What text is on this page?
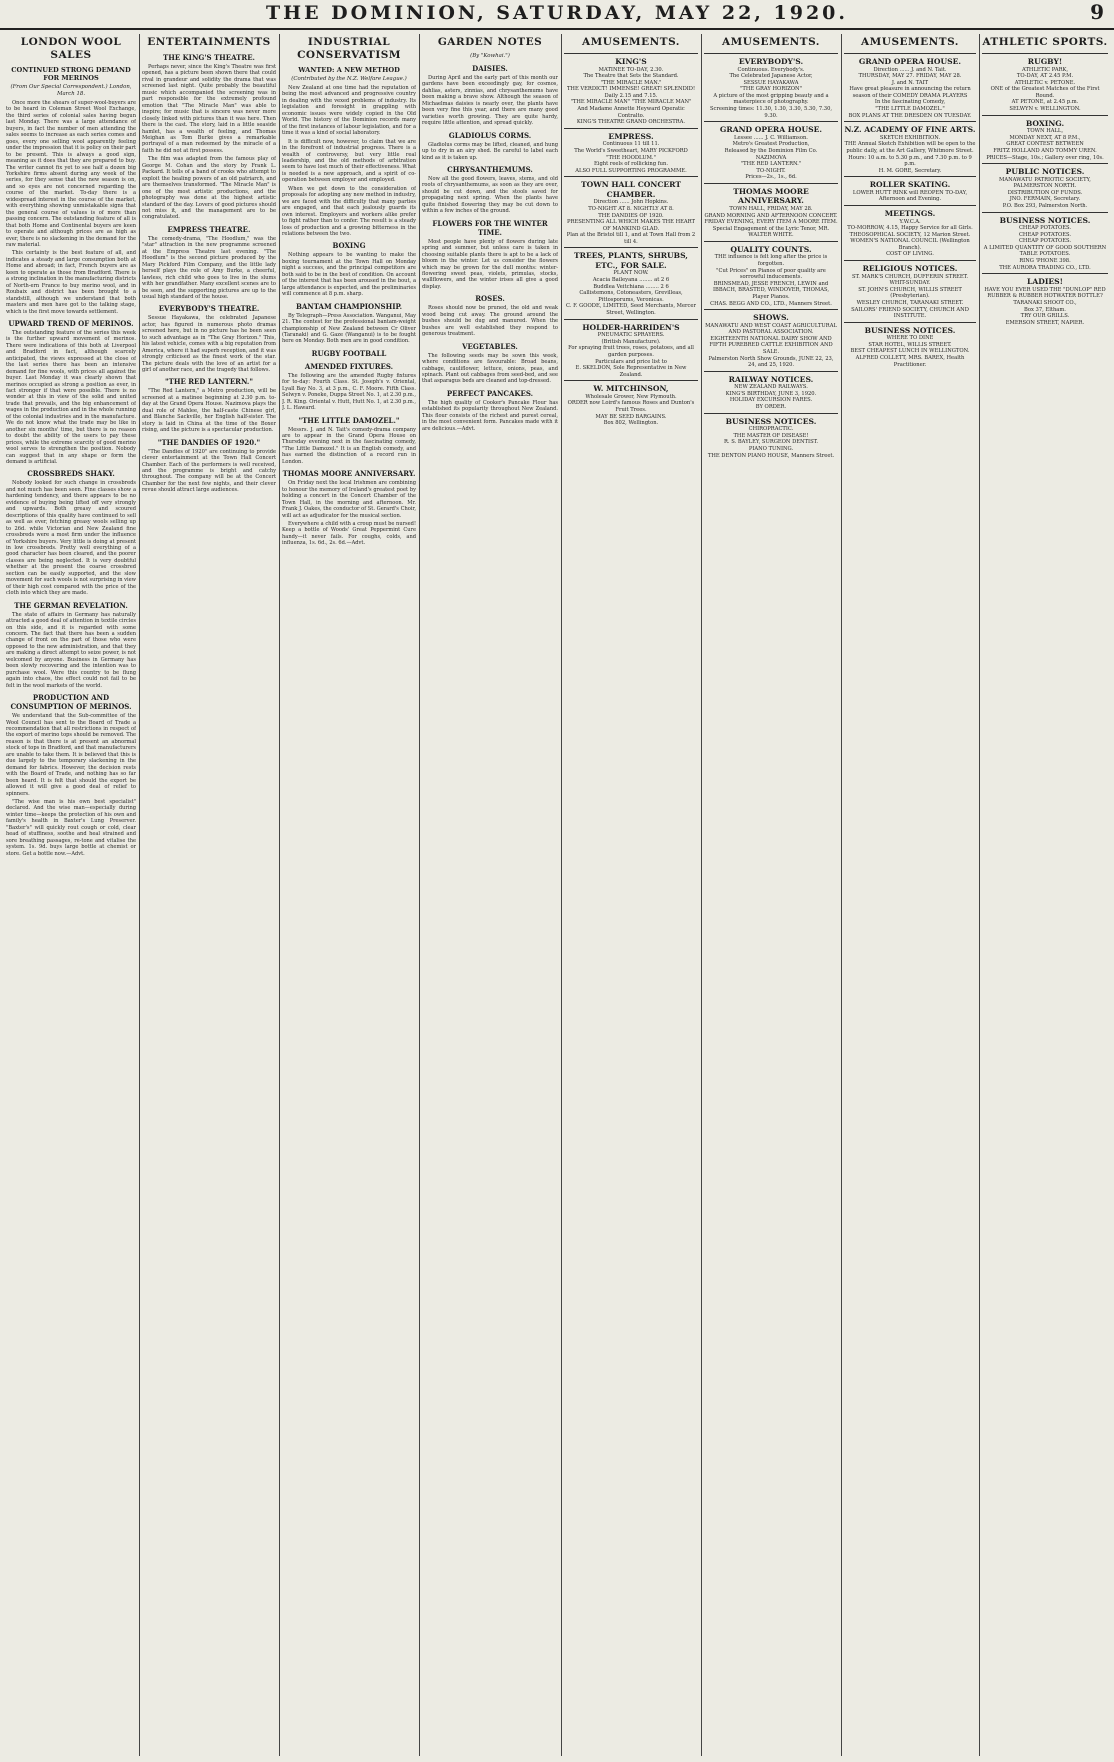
THE DOMINION, SATURDAY, MAY 22, 1920.	9
LONDON WOOL SALES
CONTINUED STRONG DEMAND FOR MERINOS
(From Our Special Correspondent.) London, March 18.

Once more the shears of super-wool-buyers are to be heard in Coleman Street Wool Exchange, the third series of colonial sales having begun last Monday. There was a large attendance of buyers, in fact the number of men attending the sales seems to increase as each series comes and goes, every one selling wool apparently feeling under the impression that it is policy on their part to be present. This is always a good sign, meaning as it does that they are prepared to buy. The writer cannot fix yet to see half a dozen big Yorkshire firms absent during any week of the series, for they sense that the new season is on, and so eyes are not concerned regarding the course of the market. To-day there is a widespread interest in the course of the market, with everything showing unmistakable signs that the general course of values is of more than passing concern. The outstanding feature of all is that both Home and Continental buyers are keen to operate and although prices are as high as ever, there is no slackening in the demand for the raw material.

This certainty is the best feature of all, and indicates a steady and large consumption both at Home and abroad; in fact, French buyers are as keen to operate as those from Bradford. There is a strong inclination in the manufacturing districts of North-ern France to buy merino wool, and in Roubaix and district has been brought to a standstill, although we understand that both masters and men have got to the talking stage, which is the first move towards settlement.

UPWARD TREND OF MERINOS.

The outstanding feature of the series this week is the further upward movement of merinos. There were indications of this both at Liverpool and Bradford in fact, although scarcely anticipated, the views expressed at the close of the last series there has been an intensive demand for fine wools, with prices all against the buyer. Last Monday it was clearly shown that merinos occupied as strong a position as ever, in fact stronger if that were possible. There is no wonder at this in view of the solid and united trade that prevails, and the big enhancement of wages in the production and in the whole running of the colonial industries and in the manufacture. We do not know what the trade may be like in another six months' time, but there is no reason to doubt the ability of the users to pay these prices, while the extreme scarcity of good merino wool serves to strengthen the position. Nobody can suggest that in any shape or form the demand is artificial.

CROSSBREDS SHAKY.

Nobody looked for such change in crossbreds and not much has been seen. Fine classes show a hardening tendency, and there appears to be no evidence of buying being lifted off very strongly and upwards. Both greasy and scoured descriptions of this quality have continued to sell as well as ever, fetching greasy wools selling up to 26d. while Victorian and New Zealand fine crossbreds were a most firm under the influence of Yorkshire buyers. Very little is doing at present in low crossbreds. Pretty well everything of a good character has been cleared, and the poorer classes are being neglected. It is very doubtful whether at the present the coarse crossbred section can be easily supported, and the slow movement for such wools is not surprising in view of their high cost compared with the price of the cloth into which they are made.

THE GERMAN REVELATION.

The state of affairs in Germany has naturally attracted a good deal of attention in textile circles on this side, and it is regarded with some concern. The fact that there has been a sudden change of front on the part of those who were opposed to the new administration, and that they are making a direct attempt to seize power, is not welcomed by anyone. Business in Germany has been slowly recovering and the intention was to purchase wool. Were this country to be flung again into chaos, the effect could not fail to be felt in the wool markets of the world.

PRODUCTION AND CONSUMPTION OF MERINOS.

We understand that the Sub-committee of the Wool Council has sent to the Board of Trade a recommendation that all restrictions in respect of the export of merino tops should be removed. The reason is that there is at present an abnormal stock of tops in Bradford, and that manufacturers are unable to take them. It is believed that this is due largely to the temporary slackening in the demand for fabrics. However, the decision rests with the Board of Trade, and nothing has so far been heard. It is felt that should the export be allowed it will give a good deal of relief to spinners.

"The wise man is his own best specialist" declared. And the wise man—especially during winter time—keeps the protection of his own and family's health in Baxter's Lung Preserver. "Baxter's" will quickly rout cough or cold, clear head of stuffiness, soothe and heal strained and sore breathing passages, re-tone and vitalise the system. 1s. 9d. buys large bottle at chemist or store. Get a bottle now.—Advt.

ENTERTAINMENTS
THE KING'S THEATRE.

Perhaps never, since the King's Theatre was first opened, has a picture been shown there that could rival in grandeur and solidity the drama that was screened last night. Quite probably the beautiful music which accompanied the screening was in part responsible for the extremely profound emotion that "The Miracle Man" was able to inspire; for music that is sincere was never more closely linked with pictures than it was here. Then there is the cast. The story, laid in a little seaside hamlet, has a wealth of feeling, and Thomas Meighan as Tom Burke gives a remarkable portrayal of a man redeemed by the miracle of a faith he did not at first possess.

The film was adapted from the famous play of George M. Cohan and the story by Frank L. Packard. It tells of a band of crooks who attempt to exploit the healing powers of an old patriarch, and are themselves transformed. "The Miracle Man" is one of the most artistic productions, and the photography was done at the highest artistic standard of the day. Lovers of good pictures should not miss it, and the management are to be congratulated.

EMPRESS THEATRE.

The comedy-drama, "The Hoodlum," was the "star" attraction in the new programme screened at the Empress Theatre last evening. "The Hoodlum" is the second picture produced by the Mary Pickford Film Company, and the little lady herself plays the role of Amy Burke, a cheerful, lawless, rich child who goes to live in the slums with her grandfather. Many excellent scenes are to be seen, and the supporting pictures are up to the usual high standard of the house.

EVERYBODY'S THEATRE.

Sessue Hayakawa, the celebrated Japanese actor, has figured in numerous photo dramas screened here, but in no picture has he been seen to such advantage as in "The Gray Horizon." This, his latest vehicle, comes with a big reputation from America, where it had superb reception, and it was strongly criticised as the finest work of the star. The picture deals with the love of an artist for a girl of another race, and the tragedy that follows.

"THE RED LANTERN."

"The Red Lantern," a Metro production, will be screened at a matinee beginning at 2.30 p.m. to-day at the Grand Opera House. Nazimova plays the dual role of Mahlee, the half-caste Chinese girl, and Blanche Sackville, her English half-sister. The story is laid in China at the time of the Boxer rising, and the picture is a spectacular production.

"THE DANDIES OF 1920."

"The Dandies of 1920" are continuing to provide clever entertainment at the Town Hall Concert Chamber. Each of the performers is well received, and the programme is bright and catchy throughout. The company will be at the Concert Chamber for the next few nights, and their clever revue should attract large audiences.

INDUSTRIAL CONSERVATISM
WANTED: A NEW METHOD
(Contributed by the N.Z. Welfare League.)

New Zealand at one time had the reputation of being the most advanced and progressive country in dealing with the vexed problems of industry. Its legislation and foresight in grappling with economic issues were widely copied in the Old World. The history of the Dominion records many of the first instances of labour legislation, and for a time it was a kind of social laboratory.

It is difficult now, however, to claim that we are in the forefront of industrial progress. There is a wealth of controversy, but very little real leadership, and the old methods of arbitration seem to have lost much of their effectiveness. What is needed is a new approach, and a spirit of co-operation between employer and employed.

When we get down to the consideration of proposals for adopting any new method in industry, we are faced with the difficulty that many parties are engaged, and that each jealously guards its own interest. Employers and workers alike prefer to fight rather than to confer. The result is a steady loss of production and a growing bitterness in the relations between the two.

BOXING

Nothing appears to be wanting to make the boxing tournament at the Town Hall on Monday night a success, and the principal competitors are both said to be in the best of condition. On account of the interest that has been aroused in the bout, a large attendance is expected, and the preliminaries will commence at 8 p.m. sharp.

BANTAM CHAMPIONSHIP.

By Telegraph—Press Association. Wanganui, May 21. The contest for the professional bantam-weight championship of New Zealand between Cr Oliver (Taranaki) and G. Gaze (Wanganui) is to be fought here on Monday. Both men are in good condition.

RUGBY FOOTBALL
AMENDED FIXTURES.

The following are the amended Rugby fixtures for to-day: Fourth Class. St. Joseph's v. Oriental, Lyall Bay No. 3, at 3 p.m., C. F. Moore. Fifth Class. Selwyn v. Poneke, Duppa Street No. 1, at 2.30 p.m., J. R. King. Oriental v. Hutt, Hutt No. 1, at 2.30 p.m., J. L. Haward.

"THE LITTLE DAMOZEL."

Messrs. J. and N. Tait's comedy-drama company are to appear in the Grand Opera House on Thursday evening next in the fascinating comedy, "The Little Damozel." It is an English comedy, and has earned the distinction of a record run in London.

THOMAS MOORE ANNIVERSARY.

On Friday next the local Irishmen are combining to honour the memory of Ireland's greatest poet by holding a concert in the Concert Chamber of the Town Hall, in the morning and afternoon. Mr. Frank J. Oakes, the conductor of St. Gerard's Choir, will act as adjudicator for the musical section.

Everywhere a child with a croup must be nursed! Keep a bottle of Woods' Great Peppermint Cure handy—it never fails. For coughs, colds, and influenza, 1s. 6d., 2s. 6d.—Advt.

GARDEN NOTES
(By "Kowhai.")
DAISIES.

During April and the early part of this month our gardens have been exceedingly gay, for cosmos, dahlias, asters, zinnias, and chrysanthemums have been making a brave show. Although the season of Michaelmas daisies is nearly over, the plants have been very fine this year, and there are many good varieties worth growing. They are quite hardy, require little attention, and spread quickly.

GLADIOLUS CORMS.

Gladiolus corms may be lifted, cleaned, and hung up to dry in an airy shed. Be careful to label each kind as it is taken up.

CHRYSANTHEMUMS.

Now all the good flowers, leaves, stems, and old roots of chrysanthemums, as soon as they are over, should be cut down, and the stools saved for propagating next spring. When the plants have quite finished flowering they may be cut down to within a few inches of the ground.

FLOWERS FOR THE WINTER TIME.

Most people have plenty of flowers during late spring and summer, but unless care is taken in choosing suitable plants there is apt to be a lack of bloom in the winter. Let us consider the flowers which may be grown for the dull months: winter-flowering sweet peas, violets, primulas, stocks, wallflowers, and the winter irises all give a good display.

ROSES.

Roses should now be pruned, the old and weak wood being cut away. The ground around the bushes should be dug and manured. When the bushes are well established they respond to generous treatment.

VEGETABLES.

The following seeds may be sown this week, where conditions are favourable: Broad beans, cabbage, cauliflower, lettuce, onions, peas, and spinach. Plant out cabbages from seed-bed, and see that asparagus beds are cleaned and top-dressed.

PERFECT PANCAKES.

The high quality of Cooker's Pancake Flour has established its popularity throughout New Zealand. This flour consists of the richest and purest cereal, in the most convenient form. Pancakes made with it are delicious.—Advt.

AMUSEMENTS.
KING'S
MATINEE TO-DAY, 2.30.
The Theatre that Sets the Standard.
"THE MIRACLE MAN."
THE VERDICT! IMMENSE! GREAT! SPLENDID!
Daily 2.15 and 7.15.
"THE MIRACLE MAN" "THE MIRACLE MAN"
And Madame Annette Heyward Operatic Contralto.
KING'S THEATRE GRAND ORCHESTRA.
EMPRESS.
Continuous 11 till 11.
The World's Sweetheart, MARY PICKFORD
"THE HOODLUM."
Eight reels of rollicking fun.
ALSO FULL SUPPORTING PROGRAMME.
TOWN HALL CONCERT CHAMBER.
Direction ...... John Hopkins.
TO-NIGHT AT 8. NIGHTLY AT 8.
THE DANDIES OF 1920.
PRESENTING ALL WHICH MAKES THE HEART OF MANKIND GLAD.
Plan at the Bristol till 1, and at Town Hall from 2 till 4.
TREES, PLANTS, SHRUBS, ETC., FOR SALE.
PLANT NOW.
Acacia Baileyana ........ at 2 6
Buddlea Veitchiana ........ 2 6
Callistemons, Cotoneasters, Grevilleas, Pittosporums, Veronicas.
C. F. GOODE, LIMITED, Seed Merchants, Mercer Street, Wellington.
HOLDER-HARRIDEN'S
PNEUMATIC SPRAYERS.
(British Manufacture).
For spraying fruit trees, roses, potatoes, and all garden purposes.
Particulars and price list to
E. SKELDON, Sole Representative in New Zealand.
W. MITCHINSON,
Wholesale Grower, New Plymouth.
ORDER now Loird's famous Roses and Dunton's Fruit Trees.
MAY BE SEED BARGAINS.
Box 802, Wellington.
AMUSEMENTS.
EVERYBODY'S.
Continuous. Everybody's.
The Celebrated Japanese Actor,
SESSUE HAYAKAWA
"THE GRAY HORIZON"
A picture of the most gripping beauty and a masterpiece of photography.
Screening times: 11.30, 1.30, 3.30, 5.30, 7.30, 9.30.
GRAND OPERA HOUSE.
Lessee ...... J. C. Williamson.
Metro's Greatest Production,
Released by the Dominion Film Co.
NAZIMOVA
"THE RED LANTERN."
TO-NIGHT.
Prices—2s., 1s., 6d.
THOMAS MOORE ANNIVERSARY.
TOWN HALL, FRIDAY, MAY 28.
GRAND MORNING AND AFTERNOON CONCERT.
FRIDAY EVENING, EVERY ITEM A MOORE ITEM.
Special Engagement of the Lyric Tenor, MR. WALTER WHITE.
QUALITY COUNTS.
THE influence is felt long after the price is forgotten.
"Cut Prices" on Pianos of poor quality are sorrowful inducements.
BRINSMEAD, JESSE FRENCH, LEWIN and IBBACH, BRASTED, WINDOVER, THOMAS, Player Pianos.
CHAS. BEGG AND CO., LTD., Manners Street.
SHOWS.
MANAWATU AND WEST COAST AGRICULTURAL AND PASTORAL ASSOCIATION.
EIGHTEENTH NATIONAL DAIRY SHOW AND FIFTH PUREBRED CATTLE EXHIBITION AND SALE.
Palmerston North Show Grounds, JUNE 22, 23, 24, and 25, 1920.
RAILWAY NOTICES.
NEW ZEALAND RAILWAYS.
KING'S BIRTHDAY, JUNE 3, 1920.
HOLIDAY EXCURSION FARES.
BY ORDER.
BUSINESS NOTICES.
CHIROPRACTIC.
THE MASTER OF DISEASE!
R. S. BAYLEY, SURGEON DENTIST.
PIANO TUNING.
THE DENTON PIANO HOUSE, Manners Street.
AMUSEMENTS.
GRAND OPERA HOUSE.
Direction ...... J. and N. Tait.
THURSDAY, MAY 27. FRIDAY, MAY 28.
J. and N. TAIT
Have great pleasure in announcing the return season of their COMEDY DRAMA PLAYERS
In the fascinating Comedy,
"THE LITTLE DAMOZEL."
BOX PLANS AT THE DRESDEN ON TUESDAY.
N.Z. ACADEMY OF FINE ARTS.
SKETCH EXHIBITION.
THE Annual Sketch Exhibition will be open to the public daily, at the Art Gallery, Whitmore Street.
Hours: 10 a.m. to 5.30 p.m., and 7.30 p.m. to 9 p.m.
H. M. GORE, Secretary.
ROLLER SKATING.
LOWER HUTT RINK will REOPEN TO-DAY, Afternoon and Evening.
MEETINGS.
Y.W.C.A.
TO-MORROW, 4.15, Happy Service for all Girls.
THEOSOPHICAL SOCIETY, 12 Marion Street.
WOMEN'S NATIONAL COUNCIL (Wellington Branch).
COST OF LIVING.
RELIGIOUS NOTICES.
ST. MARK'S CHURCH, DUFFERIN STREET.
WHIT-SUNDAY.
ST. JOHN'S CHURCH, WILLIS STREET (Presbyterian).
WESLEY CHURCH, TARANAKI STREET.
SAILORS' FRIEND SOCIETY, CHURCH AND INSTITUTE.
BUSINESS NOTICES.
WHERE TO DINE
STAR HOTEL, WILLIS STREET.
BEST CHEAPEST LUNCH IN WELLINGTON.
ALFRED COLLETT, MRS. BAREX, Health Practitioner.
ATHLETIC SPORTS.
RUGBY!
ATHLETIC PARK,
TO-DAY, AT 2.45 P.M.
ATHLETIC v. PETONE.
ONE of the Greatest Matches of the First Round.
AT PETONE, at 2.45 p.m.
SELWYN v. WELLINGTON.
BOXING.
TOWN HALL,
MONDAY NEXT, AT 8 P.M.,
GREAT CONTEST BETWEEN
FRITZ HOLLAND AND TOMMY UREN.
PRICES—Stage, 10s.; Gallery over ring, 10s.
PUBLIC NOTICES.
MANAWATU PATRIOTIC SOCIETY, PALMERSTON NORTH.
DISTRIBUTION OF FUNDS.
JNO. FERMAIN, Secretary.
P.O. Box 293, Palmerston North.
BUSINESS NOTICES.
CHEAP POTATOES.
CHEAP POTATOES.
CHEAP POTATOES.
A LIMITED QUANTITY OF GOOD SOUTHERN TABLE POTATOES.
RING 'PHONE 398.
THE AURORA TRADING CO., LTD.
LADIES!
HAVE YOU EVER USED THE "DUNLOP" RED RUBBER & RUBBER HOTWATER BOTTLE?
TARANAKI SHOOT CO.,
Box 37, Eltham.
TRY OUR GRILLS.
EMERSON STREET, NAPIER.
